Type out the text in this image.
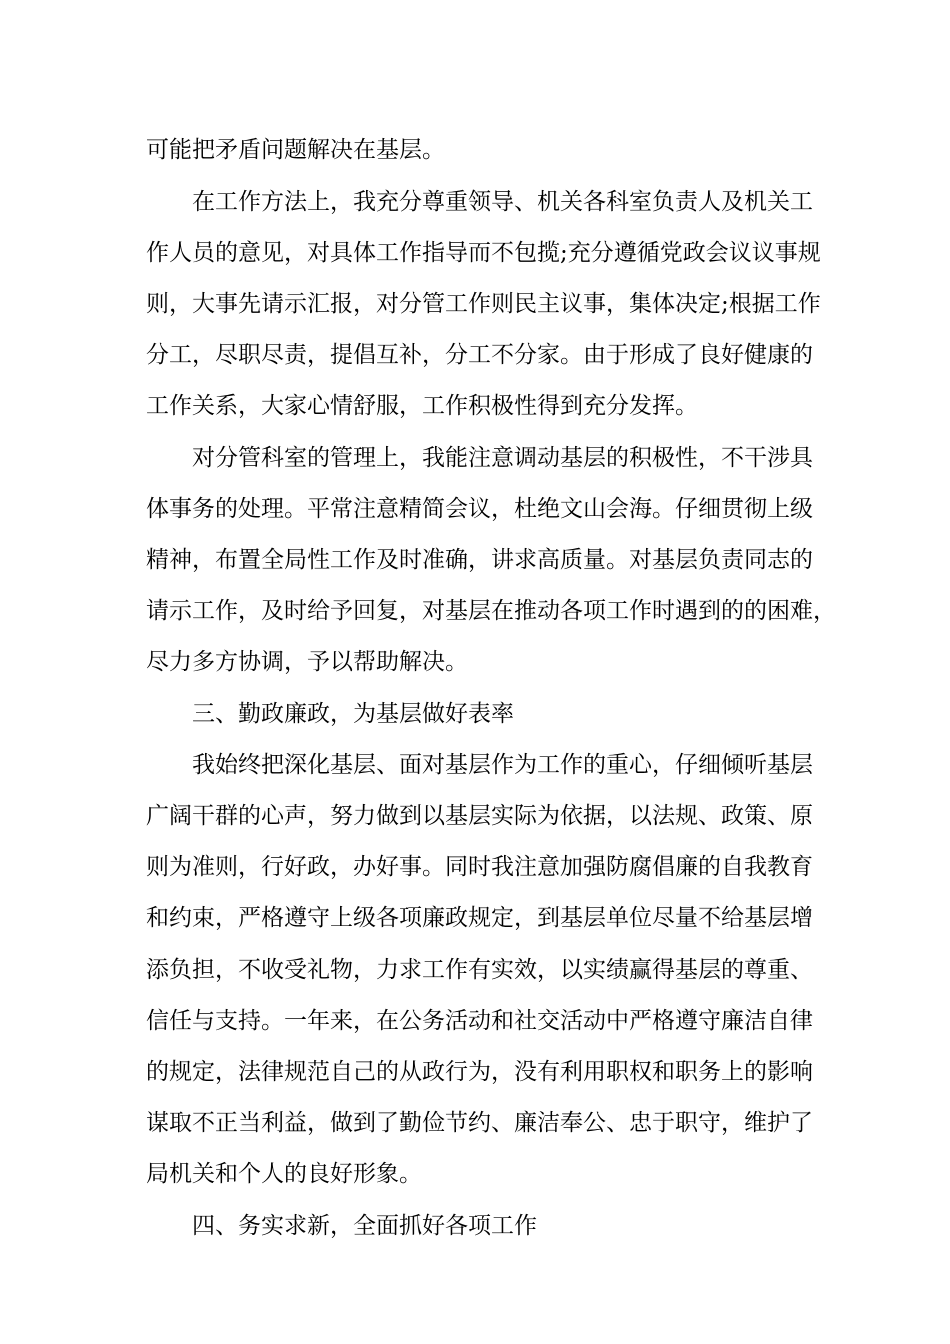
可能把矛盾问题解决在基层。

在工作方法上，我充分尊重领导、机关各科室负责人及机关工

作人员的意见，对具体工作指导而不包揽;充分遵循党政会议议事规

则，大事先请示汇报，对分管工作则民主议事，集体决定;根据工作

分工，尽职尽责，提倡互补，分工不分家。由于形成了良好健康的

工作关系，大家心情舒服，工作积极性得到充分发挥。

对分管科室的管理上，我能注意调动基层的积极性，不干涉具

体事务的处理。平常注意精简会议，杜绝文山会海。仔细贯彻上级

精神，布置全局性工作及时准确，讲求高质量。对基层负责同志的

请示工作，及时给予回复，对基层在推动各项工作时遇到的的困难，

尽力多方协调，予以帮助解决。

三、勤政廉政，为基层做好表率

我始终把深化基层、面对基层作为工作的重心，仔细倾听基层

广阔干群的心声，努力做到以基层实际为依据，以法规、政策、原

则为准则，行好政，办好事。同时我注意加强防腐倡廉的自我教育

和约束，严格遵守上级各项廉政规定，到基层单位尽量不给基层增

添负担，不收受礼物，力求工作有实效，以实绩赢得基层的尊重、

信任与支持。一年来，在公务活动和社交活动中严格遵守廉洁自律

的规定，法律规范自己的从政行为，没有利用职权和职务上的影响

谋取不正当利益，做到了勤俭节约、廉洁奉公、忠于职守，维护了

局机关和个人的良好形象。

四、务实求新，全面抓好各项工作
